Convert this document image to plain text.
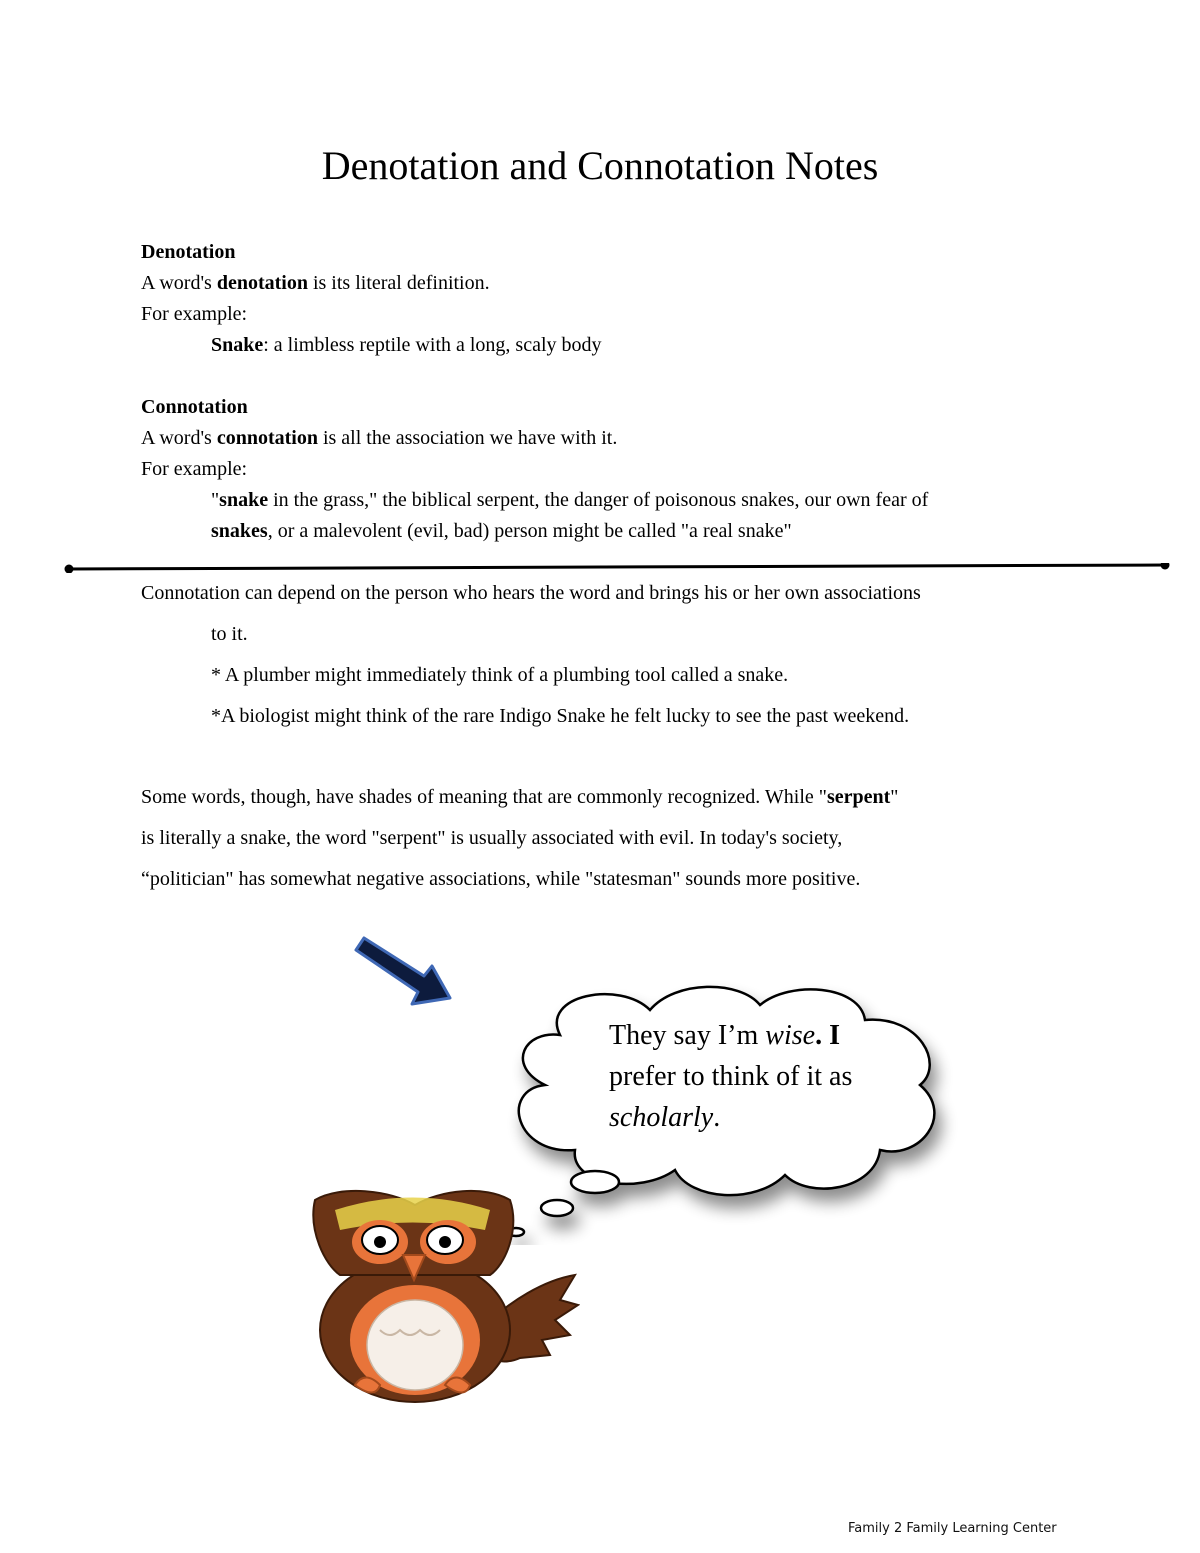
Denotation and Connotation Notes
Denotation
A word's denotation is its literal definition.
For example:
Snake: a limbless reptile with a long, scaly body
Connotation
A word's connotation is all the association we have with it.
For example:
"snake in the grass," the biblical serpent, the danger of poisonous snakes, our own fear of
snakes, or a malevolent (evil, bad) person might be called "a real snake"
Connotation can depend on the person who hears the word and brings his or her own associations
to it.
* A plumber might immediately think of a plumbing tool called a snake.
*A biologist might think of the rare Indigo Snake he felt lucky to see the past weekend.
Some words, though, have shades of meaning that are commonly recognized. While "serpent"
is literally a snake, the word "serpent" is usually associated with evil. In today's society,
“politician" has somewhat negative associations, while "statesman" sounds more positive.
They say I’m wise. I
prefer to think of it as
scholarly.
Family 2 Family Learning Center
